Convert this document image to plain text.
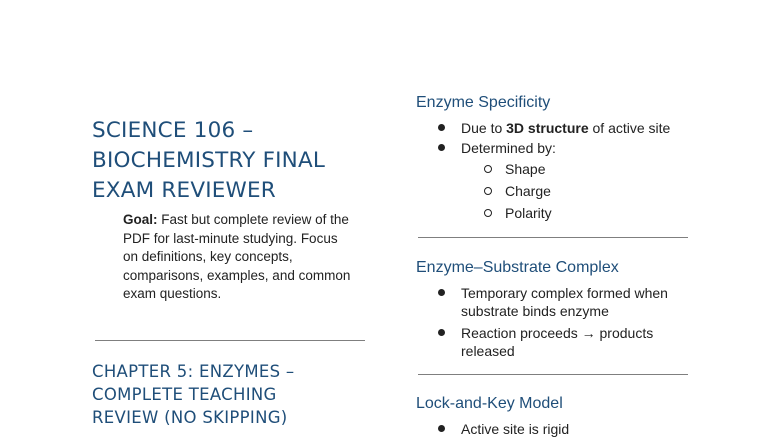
SCIENCE 106 –
BIOCHEMISTRY FINAL
EXAM REVIEWER

Goal: Fast but complete review of the PDF for last-minute studying. Focus on definitions, key concepts, comparisons, examples, and common exam questions.

CHAPTER 5: ENZYMES –
COMPLETE TEACHING
REVIEW (NO SKIPPING)
Enzyme Specificity
Due to 3D structure of active site
Determined by:
Shape
Charge
Polarity
Enzyme–Substrate Complex
Temporary complex formed when substrate binds enzyme
Reaction proceeds → products released
Lock-and-Key Model
Active site is rigid
